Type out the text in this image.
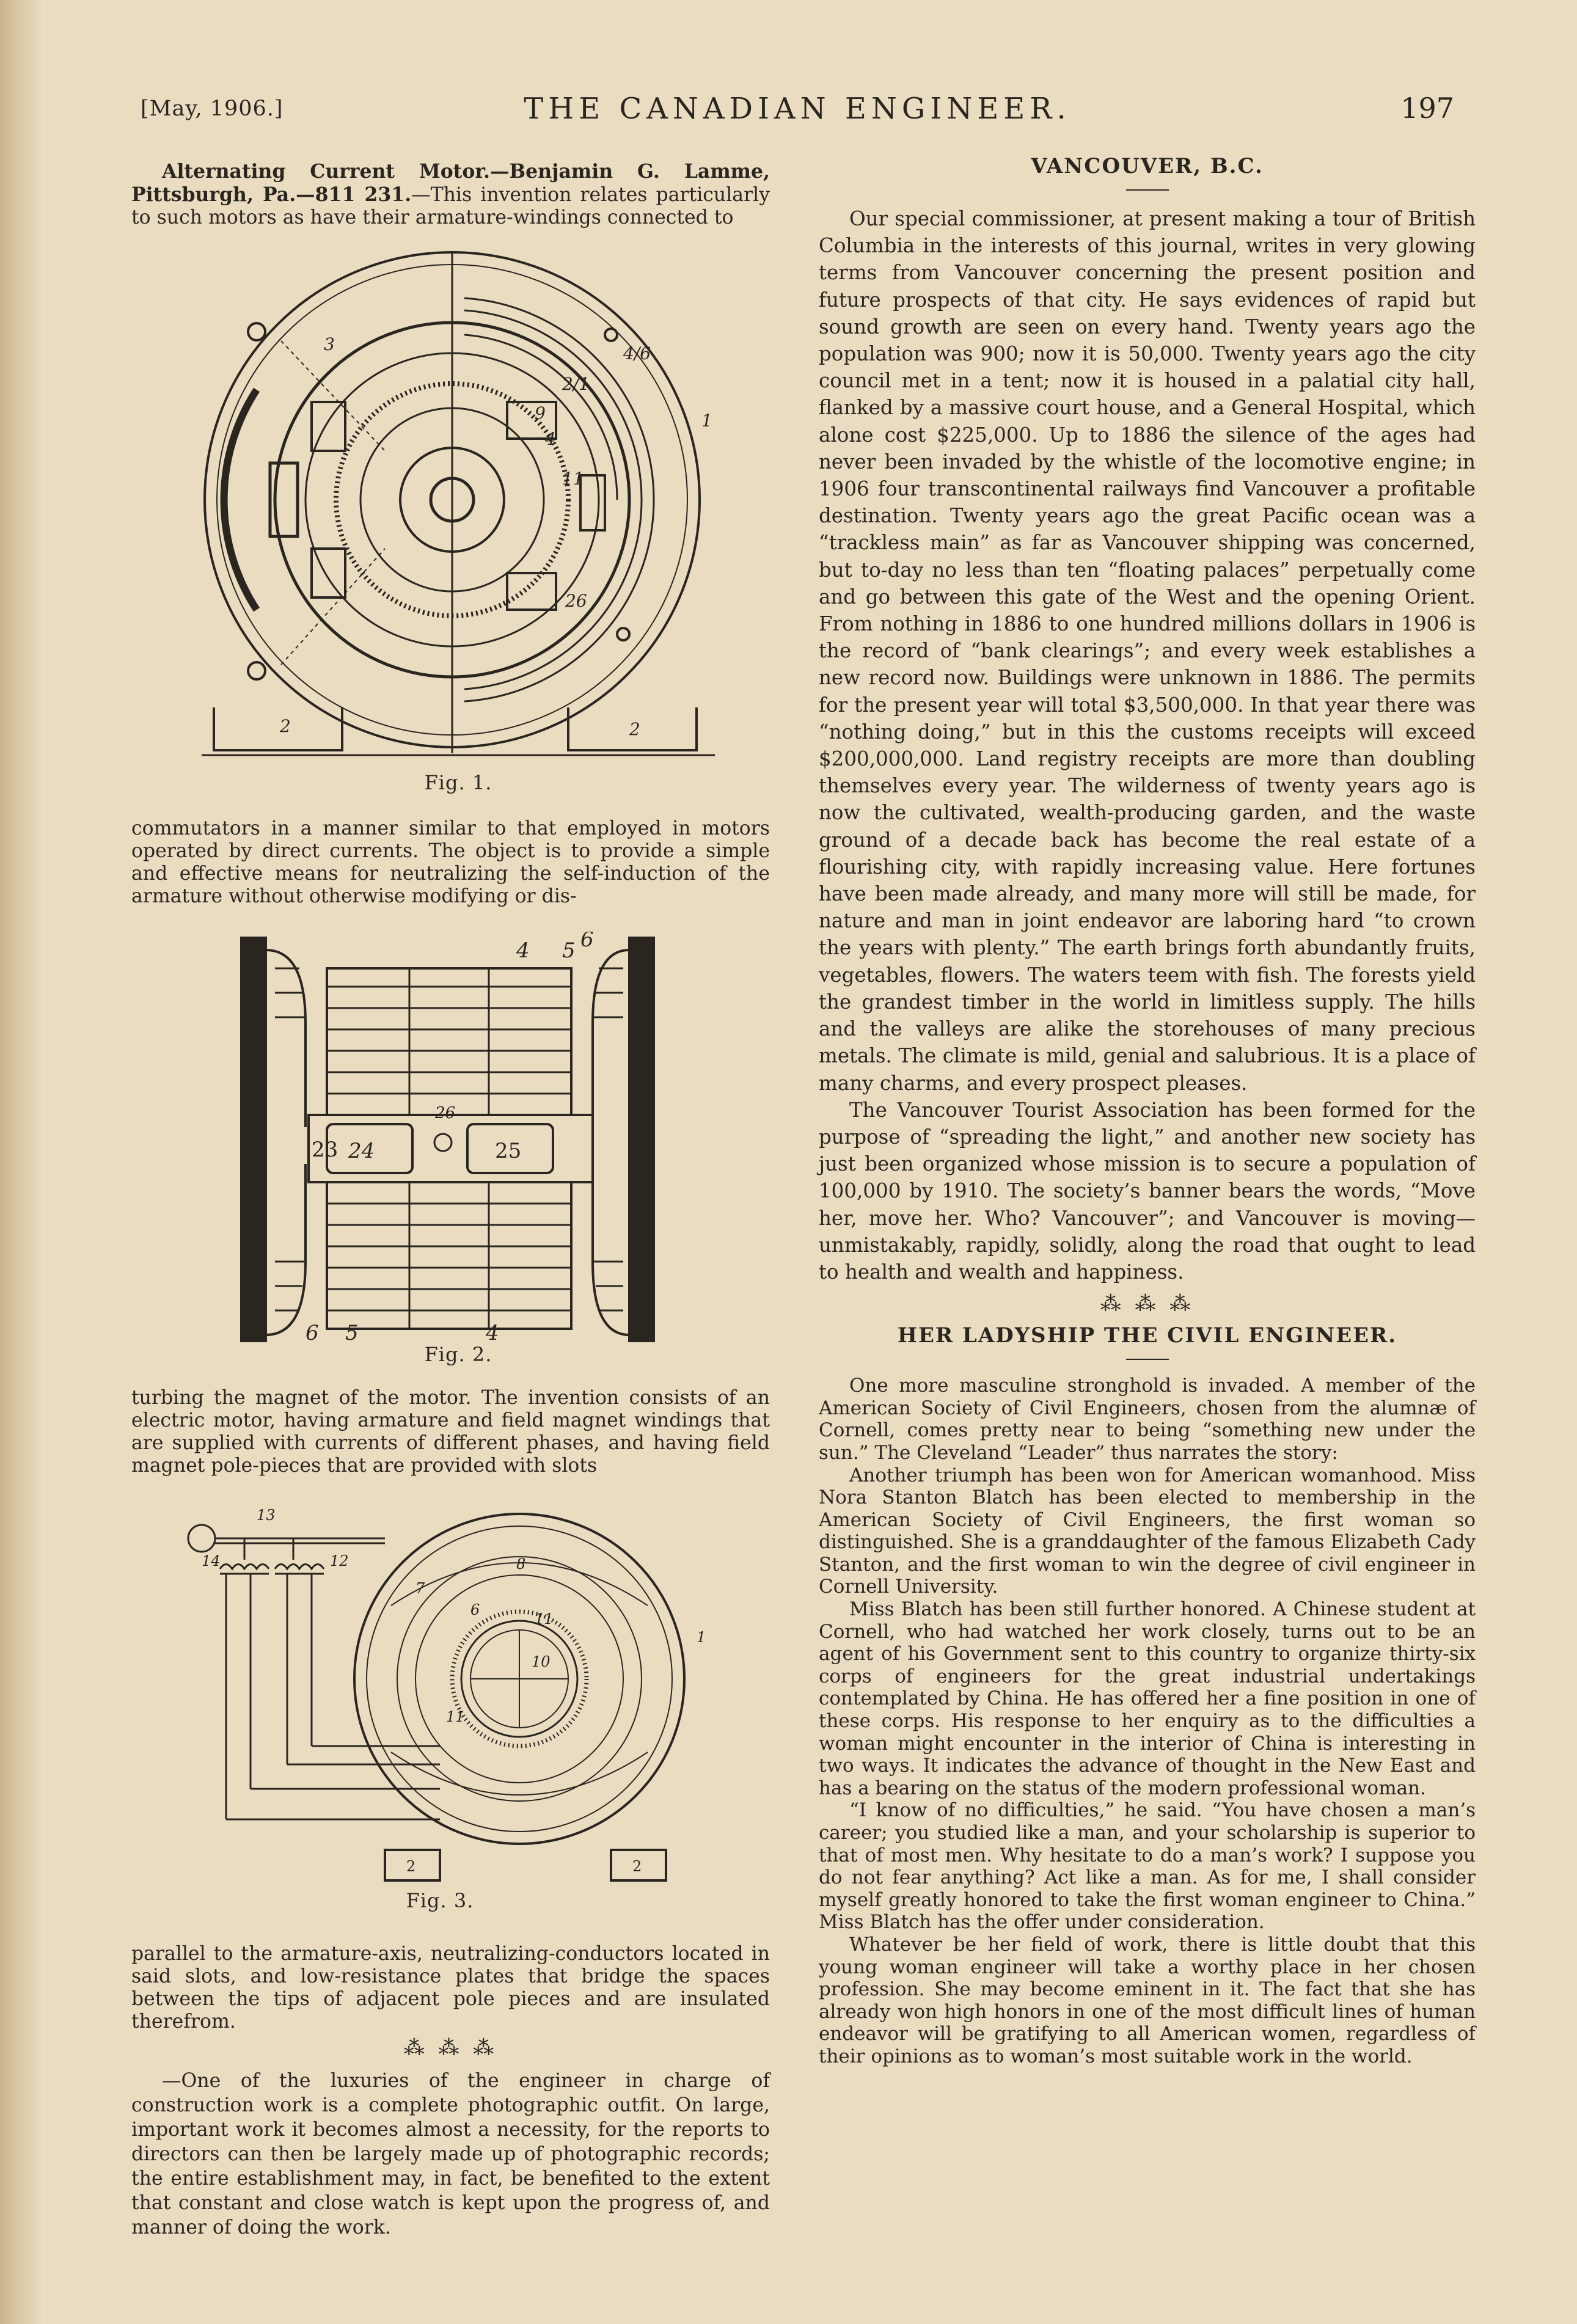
[May, 1906.]	THE CANADIAN ENGINEER.	197

Alternating Current Motor.—Benjamin G. Lamme, Pittsburgh, Pa.—811 231.—This invention relates particularly to such motors as have their armature-windings connected to

2	2
3
1
4
9
11
26
2/1
4/6
Fig. 1.

commutators in a manner similar to that employed in motors operated by direct currents. The object is to provide a simple and effective means for neutralizing the self-induction of the armature without otherwise modifying or dis-

4 5 6
23 24
26
25
6 5	4
Fig. 2.

turbing the magnet of the motor. The invention consists of an electric motor, having armature and field magnet windings that are supplied with currents of different phases, and having field magnet pole-pieces that are provided with slots

13
14	12	8
7
6
11
10
11
1
2	2
Fig. 3.

parallel to the armature-axis, neutralizing-conductors located in said slots, and low-resistance plates that bridge the spaces between the tips of adjacent pole pieces and are insulated therefrom.

⁂ ⁂ ⁂

—One of the luxuries of the engineer in charge of construction work is a complete photographic outfit. On large, important work it becomes almost a necessity, for the reports to directors can then be largely made up of photographic records; the entire establishment may, in fact, be benefited to the extent that constant and close watch is kept upon the progress of, and manner of doing the work.

VANCOUVER, B.C.

Our special commissioner, at present making a tour of British Columbia in the interests of this journal, writes in very glowing terms from Vancouver concerning the present position and future prospects of that city. He says evidences of rapid but sound growth are seen on every hand. Twenty years ago the population was 900; now it is 50,000. Twenty years ago the city council met in a tent; now it is housed in a palatial city hall, flanked by a massive court house, and a General Hospital, which alone cost $225,000. Up to 1886 the silence of the ages had never been invaded by the whistle of the locomotive engine; in 1906 four transcontinental railways find Vancouver a profitable destination. Twenty years ago the great Pacific ocean was a “trackless main” as far as Vancouver shipping was concerned, but to-day no less than ten “floating palaces” perpetually come and go between this gate of the West and the opening Orient. From nothing in 1886 to one hundred millions dollars in 1906 is the record of “bank clearings”; and every week establishes a new record now. Buildings were unknown in 1886. The permits for the present year will total $3,500,000. In that year there was “nothing doing,” but in this the customs receipts will exceed $200,000,000. Land registry receipts are more than doubling themselves every year. The wilderness of twenty years ago is now the cultivated, wealth-producing garden, and the waste ground of a decade back has become the real estate of a flourishing city, with rapidly increasing value. Here fortunes have been made already, and many more will still be made, for nature and man in joint endeavor are laboring hard “to crown the years with plenty.” The earth brings forth abundantly fruits, vegetables, flowers. The waters teem with fish. The forests yield the grandest timber in the world in limitless supply. The hills and the valleys are alike the storehouses of many precious metals. The climate is mild, genial and salubrious. It is a place of many charms, and every prospect pleases.

The Vancouver Tourist Association has been formed for the purpose of “spreading the light,” and another new society has just been organized whose mission is to secure a population of 100,000 by 1910. The society’s banner bears the words, “Move her, move her. Who? Vancouver”; and Vancouver is moving—unmistakably, rapidly, solidly, along the road that ought to lead to health and wealth and happiness.

⁂ ⁂ ⁂
HER LADYSHIP THE CIVIL ENGINEER.

One more masculine stronghold is invaded. A member of the American Society of Civil Engineers, chosen from the alumnæ of Cornell, comes pretty near to being “something new under the sun.” The Cleveland “Leader” thus narrates the story:

Another triumph has been won for American womanhood. Miss Nora Stanton Blatch has been elected to membership in the American Society of Civil Engineers, the first woman so distinguished. She is a granddaughter of the famous Elizabeth Cady Stanton, and the first woman to win the degree of civil engineer in Cornell University.

Miss Blatch has been still further honored. A Chinese student at Cornell, who had watched her work closely, turns out to be an agent of his Government sent to this country to organize thirty-six corps of engineers for the great industrial undertakings contemplated by China. He has offered her a fine position in one of these corps. His response to her enquiry as to the difficulties a woman might encounter in the interior of China is interesting in two ways. It indicates the advance of thought in the New East and has a bearing on the status of the modern professional woman.

“I know of no difficulties,” he said. “You have chosen a man’s career; you studied like a man, and your scholarship is superior to that of most men. Why hesitate to do a man’s work? I suppose you do not fear anything? Act like a man. As for me, I shall consider myself greatly honored to take the first woman engineer to China.” Miss Blatch has the offer under consideration.

Whatever be her field of work, there is little doubt that this young woman engineer will take a worthy place in her chosen profession. She may become eminent in it. The fact that she has already won high honors in one of the most difficult lines of human endeavor will be gratifying to all American women, regardless of their opinions as to woman’s most suitable work in the world.
